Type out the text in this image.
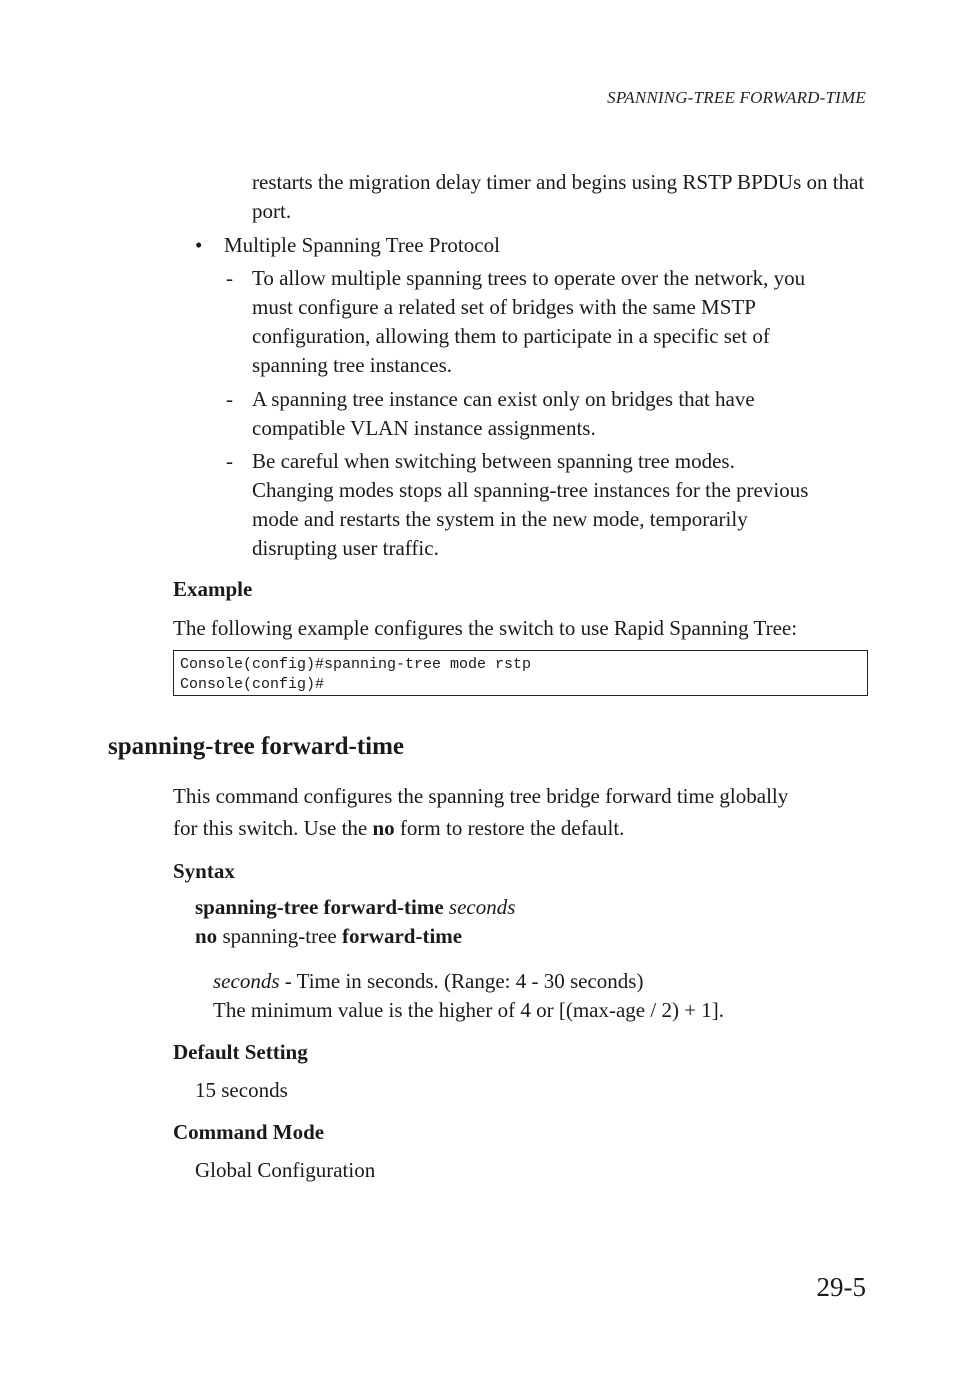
SPANNING-TREE FORWARD-TIME
restarts the migration delay timer and begins using RSTP BPDUs on that port.
• Multiple Spanning Tree Protocol
- To allow multiple spanning trees to operate over the network, you
must configure a related set of bridges with the same MSTP
configuration, allowing them to participate in a specific set of
spanning tree instances.
- A spanning tree instance can exist only on bridges that have
compatible VLAN instance assignments.
- Be careful when switching between spanning tree modes.
Changing modes stops all spanning-tree instances for the previous
mode and restarts the system in the new mode, temporarily
disrupting user traffic.
Example
The following example configures the switch to use Rapid Spanning Tree:
Console(config)#spanning-tree mode rstp
Console(config)#
spanning-tree forward-time
This command configures the spanning tree bridge forward time globally
for this switch. Use the no form to restore the default.
Syntax
spanning-tree forward-time seconds
no spanning-tree forward-time
seconds - Time in seconds. (Range: 4 - 30 seconds)
The minimum value is the higher of 4 or [(max-age / 2) + 1].
Default Setting
15 seconds
Command Mode
Global Configuration
29-5
